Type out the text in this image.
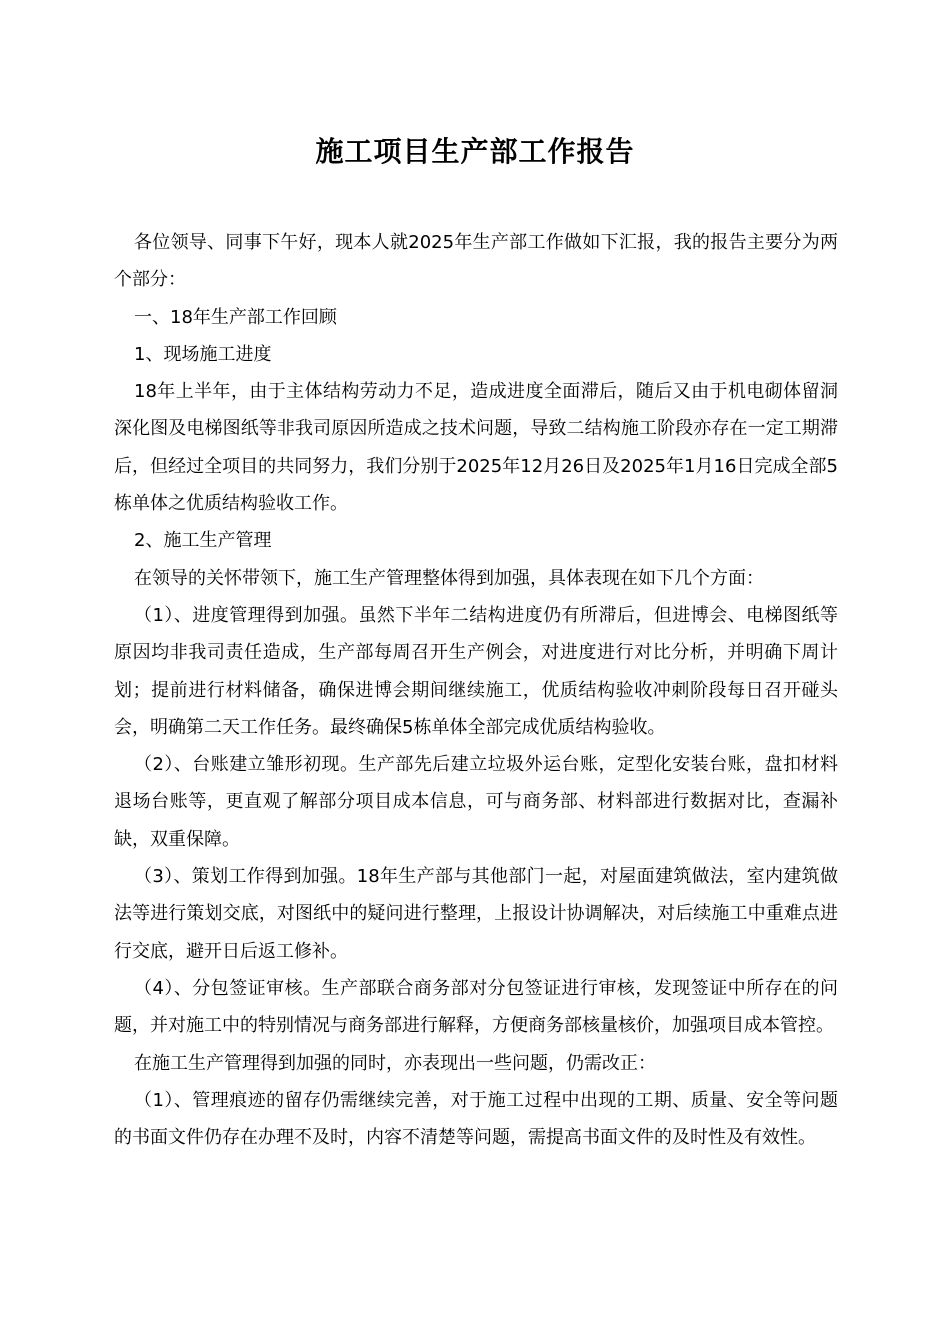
施工项目生产部工作报告

各位领导、同事下午好，现本人就2025年生产部工作做如下汇报，我的报告主要分为两个部分：

一、18年生产部工作回顾

1、现场施工进度

18年上半年，由于主体结构劳动力不足，造成进度全面滞后，随后又由于机电砌体留洞深化图及电梯图纸等非我司原因所造成之技术问题，导致二结构施工阶段亦存在一定工期滞后，但经过全项目的共同努力，我们分别于2025年12月26日及2025年1月16日完成全部5栋单体之优质结构验收工作。

2、施工生产管理

在领导的关怀带领下，施工生产管理整体得到加强，具体表现在如下几个方面：

（1）、进度管理得到加强。虽然下半年二结构进度仍有所滞后，但进博会、电梯图纸等原因均非我司责任造成，生产部每周召开生产例会，对进度进行对比分析，并明确下周计划；提前进行材料储备，确保进博会期间继续施工，优质结构验收冲刺阶段每日召开碰头会，明确第二天工作任务。最终确保5栋单体全部完成优质结构验收。

（2）、台账建立雏形初现。生产部先后建立垃圾外运台账，定型化安装台账，盘扣材料退场台账等，更直观了解部分项目成本信息，可与商务部、材料部进行数据对比，查漏补缺，双重保障。

（3）、策划工作得到加强。18年生产部与其他部门一起，对屋面建筑做法，室内建筑做法等进行策划交底，对图纸中的疑问进行整理，上报设计协调解决，对后续施工中重难点进行交底，避开日后返工修补。

（4）、分包签证审核。生产部联合商务部对分包签证进行审核，发现签证中所存在的问题，并对施工中的特别情况与商务部进行解释，方便商务部核量核价，加强项目成本管控。

在施工生产管理得到加强的同时，亦表现出一些问题，仍需改正：

（1）、管理痕迹的留存仍需继续完善，对于施工过程中出现的工期、质量、安全等问题的书面文件仍存在办理不及时，内容不清楚等问题，需提高书面文件的及时性及有效性。
